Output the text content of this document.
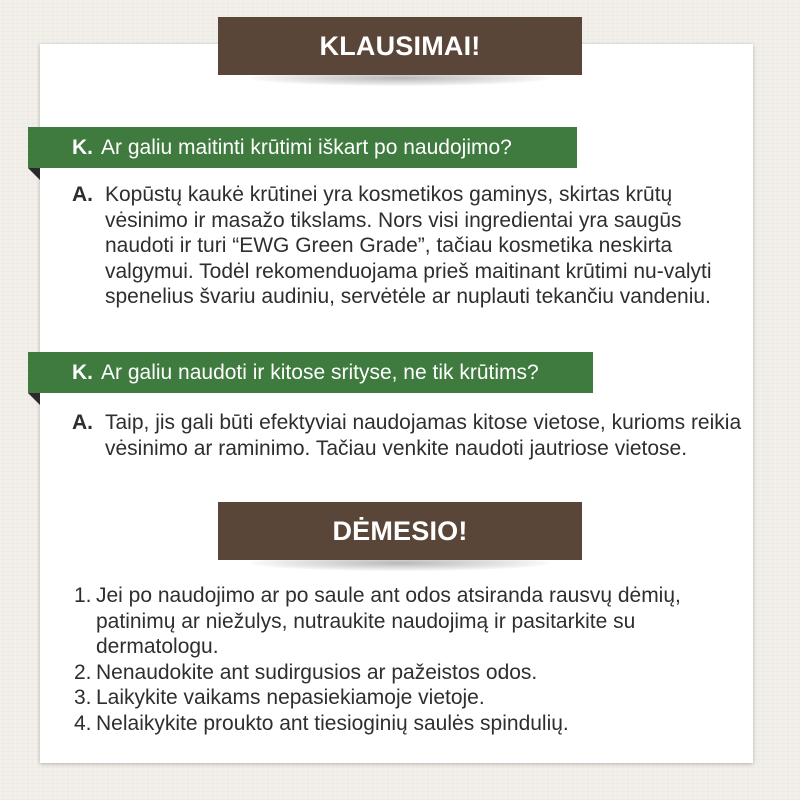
KLAUSIMAI!
K. Ar galiu maitinti krūtimi iškart po naudojimo?
A. Kopūstų kaukė krūtinei yra kosmetikos gaminys, skirtas krūtų vėsinimo ir masažo tikslams. Nors visi ingredientai yra saugūs naudoti ir turi “EWG Green Grade”, tačiau kosmetika neskirta valgymui. Todėl rekomenduojama prieš maitinant krūtimi nu-valyti spenelius švariu audiniu, servėtėle ar nuplauti tekančiu vandeniu.
K. Ar galiu naudoti ir kitose srityse, ne tik krūtims?
A. Taip, jis gali būti efektyviai naudojamas kitose vietose, kurioms reikia vėsinimo ar raminimo. Tačiau venkite naudoti jautriose vietose.
DĖMESIO!
1. Jei po naudojimo ar po saule ant odos atsiranda rausvų dėmių, patinimų ar niežulys, nutraukite naudojimą ir pasitarkite su dermatologu.
2. Nenaudokite ant sudirgusios ar pažeistos odos.
3. Laikykite vaikams nepasiekiamoje vietoje.
4. Nelaikykite proukto ant tiesioginių saulės spindulių.
